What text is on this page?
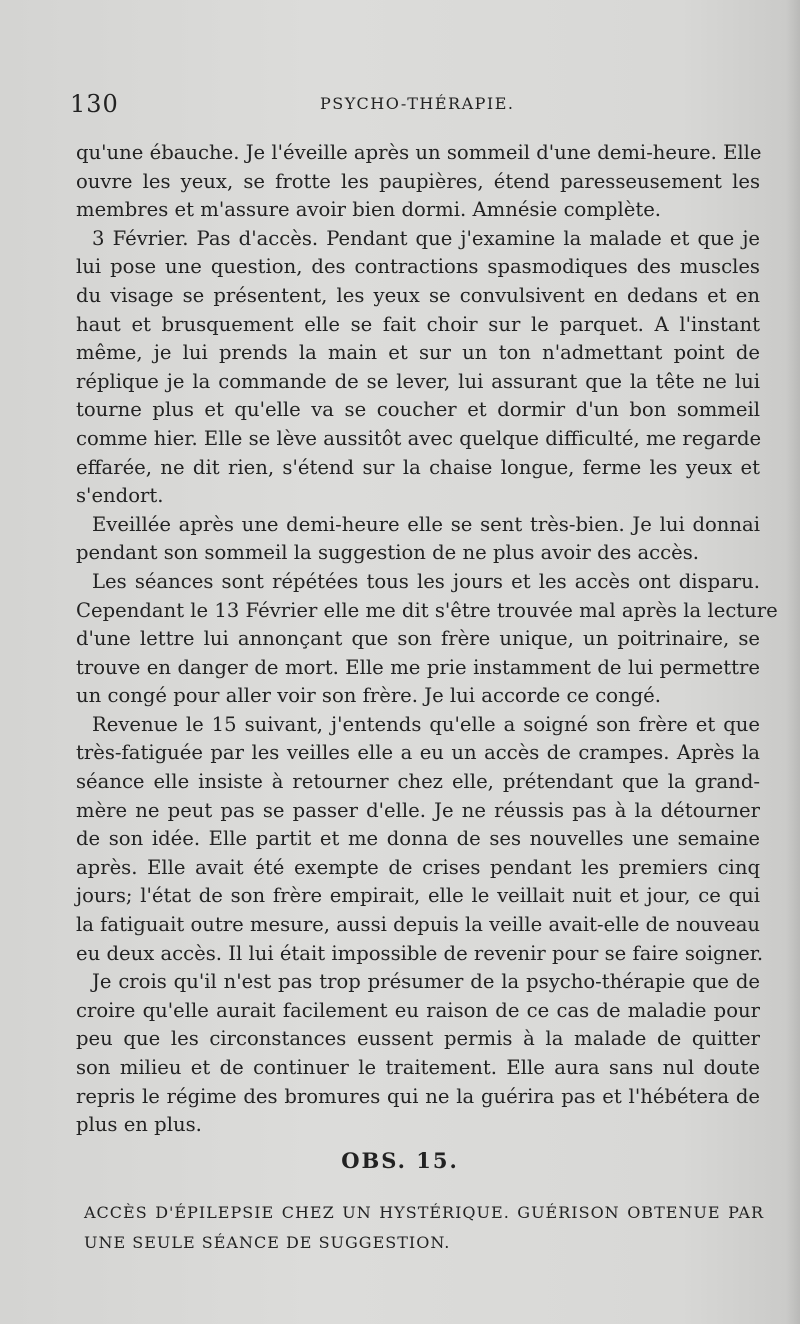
130	PSYCHO-THÉRAPIE.
qu'une ébauche. Je l'éveille après un sommeil d'une demi-heure. Elle
ouvre les yeux, se frotte les paupières, étend paresseusement les
membres et m'assure avoir bien dormi. Amnésie complète.
3 Février. Pas d'accès. Pendant que j'examine la malade et que je
lui pose une question, des contractions spasmodiques des muscles
du visage se présentent, les yeux se convulsivent en dedans et en
haut et brusquement elle se fait choir sur le parquet. A l'instant
même, je lui prends la main et sur un ton n'admettant point de
réplique je la commande de se lever, lui assurant que la tête ne lui
tourne plus et qu'elle va se coucher et dormir d'un bon sommeil
comme hier. Elle se lève aussitôt avec quelque difficulté, me regarde
effarée, ne dit rien, s'étend sur la chaise longue, ferme les yeux et
s'endort.
Eveillée après une demi-heure elle se sent très-bien. Je lui donnai
pendant son sommeil la suggestion de ne plus avoir des accès.
Les séances sont répétées tous les jours et les accès ont disparu.
Cependant le 13 Février elle me dit s'être trouvée mal après la lecture
d'une lettre lui annonçant que son frère unique, un poitrinaire, se
trouve en danger de mort. Elle me prie instamment de lui permettre
un congé pour aller voir son frère. Je lui accorde ce congé.
Revenue le 15 suivant, j'entends qu'elle a soigné son frère et que
très-fatiguée par les veilles elle a eu un accès de crampes. Après la
séance elle insiste à retourner chez elle, prétendant que la grand-
mère ne peut pas se passer d'elle. Je ne réussis pas à la détourner
de son idée. Elle partit et me donna de ses nouvelles une semaine
après. Elle avait été exempte de crises pendant les premiers cinq
jours; l'état de son frère empirait, elle le veillait nuit et jour, ce qui
la fatiguait outre mesure, aussi depuis la veille avait-elle de nouveau
eu deux accès. Il lui était impossible de revenir pour se faire soigner.
Je crois qu'il n'est pas trop présumer de la psycho-thérapie que de
croire qu'elle aurait facilement eu raison de ce cas de maladie pour
peu que les circonstances eussent permis à la malade de quitter
son milieu et de continuer le traitement. Elle aura sans nul doute
repris le régime des bromures qui ne la guérira pas et l'hébétera de
plus en plus.
OBS. 15.
ACCÈS D'ÉPILEPSIE CHEZ UN HYSTÉRIQUE. GUÉRISON OBTENUE PAR
UNE SEULE SÉANCE DE SUGGESTION.
